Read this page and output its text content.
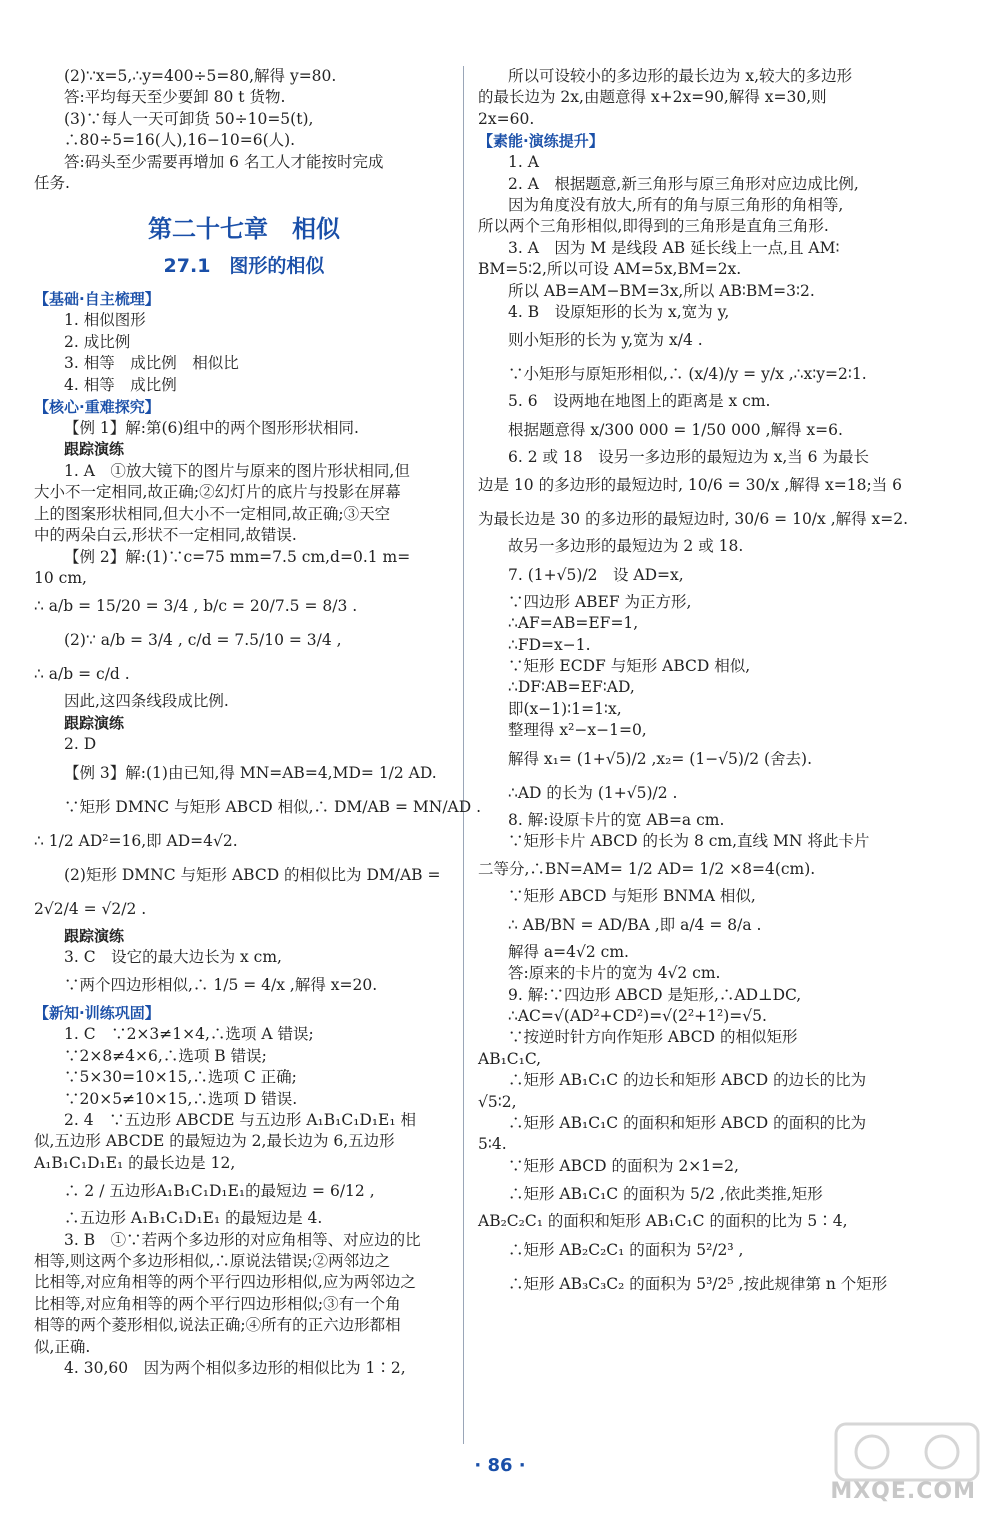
(2)∵x=5,∴y=400÷5=80,解得 y=80.

答:平均每天至少要卸 80 t 货物.

(3)∵每人一天可卸货 50÷10=5(t),

∴80÷5=16(人),16−10=6(人).

答:码头至少需要再增加 6 名工人才能按时完成

任务.

第二十七章　相似
27.1　图形的相似

【基础·自主梳理】

1. 相似图形

2. 成比例

3. 相等　成比例　相似比

4. 相等　成比例

【核心·重难探究】

【例 1】解:第(6)组中的两个图形形状相同.

跟踪演练

1. A　①放大镜下的图片与原来的图片形状相同,但

大小不一定相同,故正确;②幻灯片的底片与投影在屏幕

上的图案形状相同,但大小不一定相同,故正确;③天空

中的两朵白云,形状不一定相同,故错误.

【例 2】解:(1)∵c=75 mm=7.5 cm,d=0.1 m=

10 cm,

∴ a/b = 15/20 = 3/4 , b/c = 20/7.5 = 8/3 .

(2)∵ a/b = 3/4 , c/d = 7.5/10 = 3/4 ,

∴ a/b = c/d .

因此,这四条线段成比例.

跟踪演练

2. D

【例 3】解:(1)由已知,得 MN=AB=4,MD= 1/2 AD.

∵矩形 DMNC 与矩形 ABCD 相似,∴ DM/AB = MN/AD .

∴ 1/2 AD²=16,即 AD=4√2.

(2)矩形 DMNC 与矩形 ABCD 的相似比为 DM/AB =

2√2/4 = √2/2 .

跟踪演练

3. C　设它的最大边长为 x cm,

∵两个四边形相似,∴ 1/5 = 4/x ,解得 x=20.

【新知·训练巩固】

1. C　∵2×3≠1×4,∴选项 A 错误;

∵2×8≠4×6,∴选项 B 错误;

∵5×30=10×15,∴选项 C 正确;

∵20×5≠10×15,∴选项 D 错误.

2. 4　∵五边形 ABCDE 与五边形 A₁B₁C₁D₁E₁ 相

似,五边形 ABCDE 的最短边为 2,最长边为 6,五边形

A₁B₁C₁D₁E₁ 的最长边是 12,

∴ 2 / 五边形A₁B₁C₁D₁E₁的最短边 = 6/12 ,

∴五边形 A₁B₁C₁D₁E₁ 的最短边是 4.

3. B　①∵若两个多边形的对应角相等、对应边的比

相等,则这两个多边形相似,∴原说法错误;②两邻边之

比相等,对应角相等的两个平行四边形相似,应为两邻边之

比相等,对应角相等的两个平行四边形相似;③有一个角

相等的两个菱形相似,说法正确;④所有的正六边形都相

似,正确.

4. 30,60　因为两个相似多边形的相似比为 1∶2,

所以可设较小的多边形的最长边为 x,较大的多边形

的最长边为 2x,由题意得 x+2x=90,解得 x=30,则

2x=60.

【素能·演练提升】

1. A

2. A　根据题意,新三角形与原三角形对应边成比例,

因为角度没有放大,所有的角与原三角形的角相等,

所以两个三角形相似,即得到的三角形是直角三角形.

3. A　因为 M 是线段 AB 延长线上一点,且 AM∶

BM=5∶2,所以可设 AM=5x,BM=2x.

所以 AB=AM−BM=3x,所以 AB∶BM=3∶2.

4. B　设原矩形的长为 x,宽为 y,

则小矩形的长为 y,宽为 x/4 .

∵小矩形与原矩形相似,∴ (x/4)/y = y/x ,∴x∶y=2∶1.

5. 6　设两地在地图上的距离是 x cm.

根据题意得 x/300 000 = 1/50 000 ,解得 x=6.

6. 2 或 18　设另一多边形的最短边为 x,当 6 为最长

边是 10 的多边形的最短边时, 10/6 = 30/x ,解得 x=18;当 6

为最长边是 30 的多边形的最短边时, 30/6 = 10/x ,解得 x=2.

故另一多边形的最短边为 2 或 18.

7. (1+√5)/2　设 AD=x,

∵四边形 ABEF 为正方形,

∴AF=AB=EF=1,

∴FD=x−1.

∵矩形 ECDF 与矩形 ABCD 相似,

∴DF∶AB=EF∶AD,

即(x−1)∶1=1∶x,

整理得 x²−x−1=0,

解得 x₁= (1+√5)/2 ,x₂= (1−√5)/2 (舍去).

∴AD 的长为 (1+√5)/2 .

8. 解:设原卡片的宽 AB=a cm.

∵矩形卡片 ABCD 的长为 8 cm,直线 MN 将此卡片

二等分,∴BN=AM= 1/2 AD= 1/2 ×8=4(cm).

∵矩形 ABCD 与矩形 BNMA 相似,

∴ AB/BN = AD/BA ,即 a/4 = 8/a .

解得 a=4√2 cm.

答:原来的卡片的宽为 4√2 cm.

9. 解:∵四边形 ABCD 是矩形,∴AD⊥DC,

∴AC=√(AD²+CD²)=√(2²+1²)=√5.

∵按逆时针方向作矩形 ABCD 的相似矩形

AB₁C₁C,

∴矩形 AB₁C₁C 的边长和矩形 ABCD 的边长的比为

√5∶2,

∴矩形 AB₁C₁C 的面积和矩形 ABCD 的面积的比为

5∶4.

∵矩形 ABCD 的面积为 2×1=2,

∴矩形 AB₁C₁C 的面积为 5/2 ,依此类推,矩形

AB₂C₂C₁ 的面积和矩形 AB₁C₁C 的面积的比为 5∶4,

∴矩形 AB₂C₂C₁ 的面积为 5²/2³ ,

∴矩形 AB₃C₃C₂ 的面积为 5³/2⁵ ,按此规律第 n 个矩形

· 86 ·
MXQE.COM
